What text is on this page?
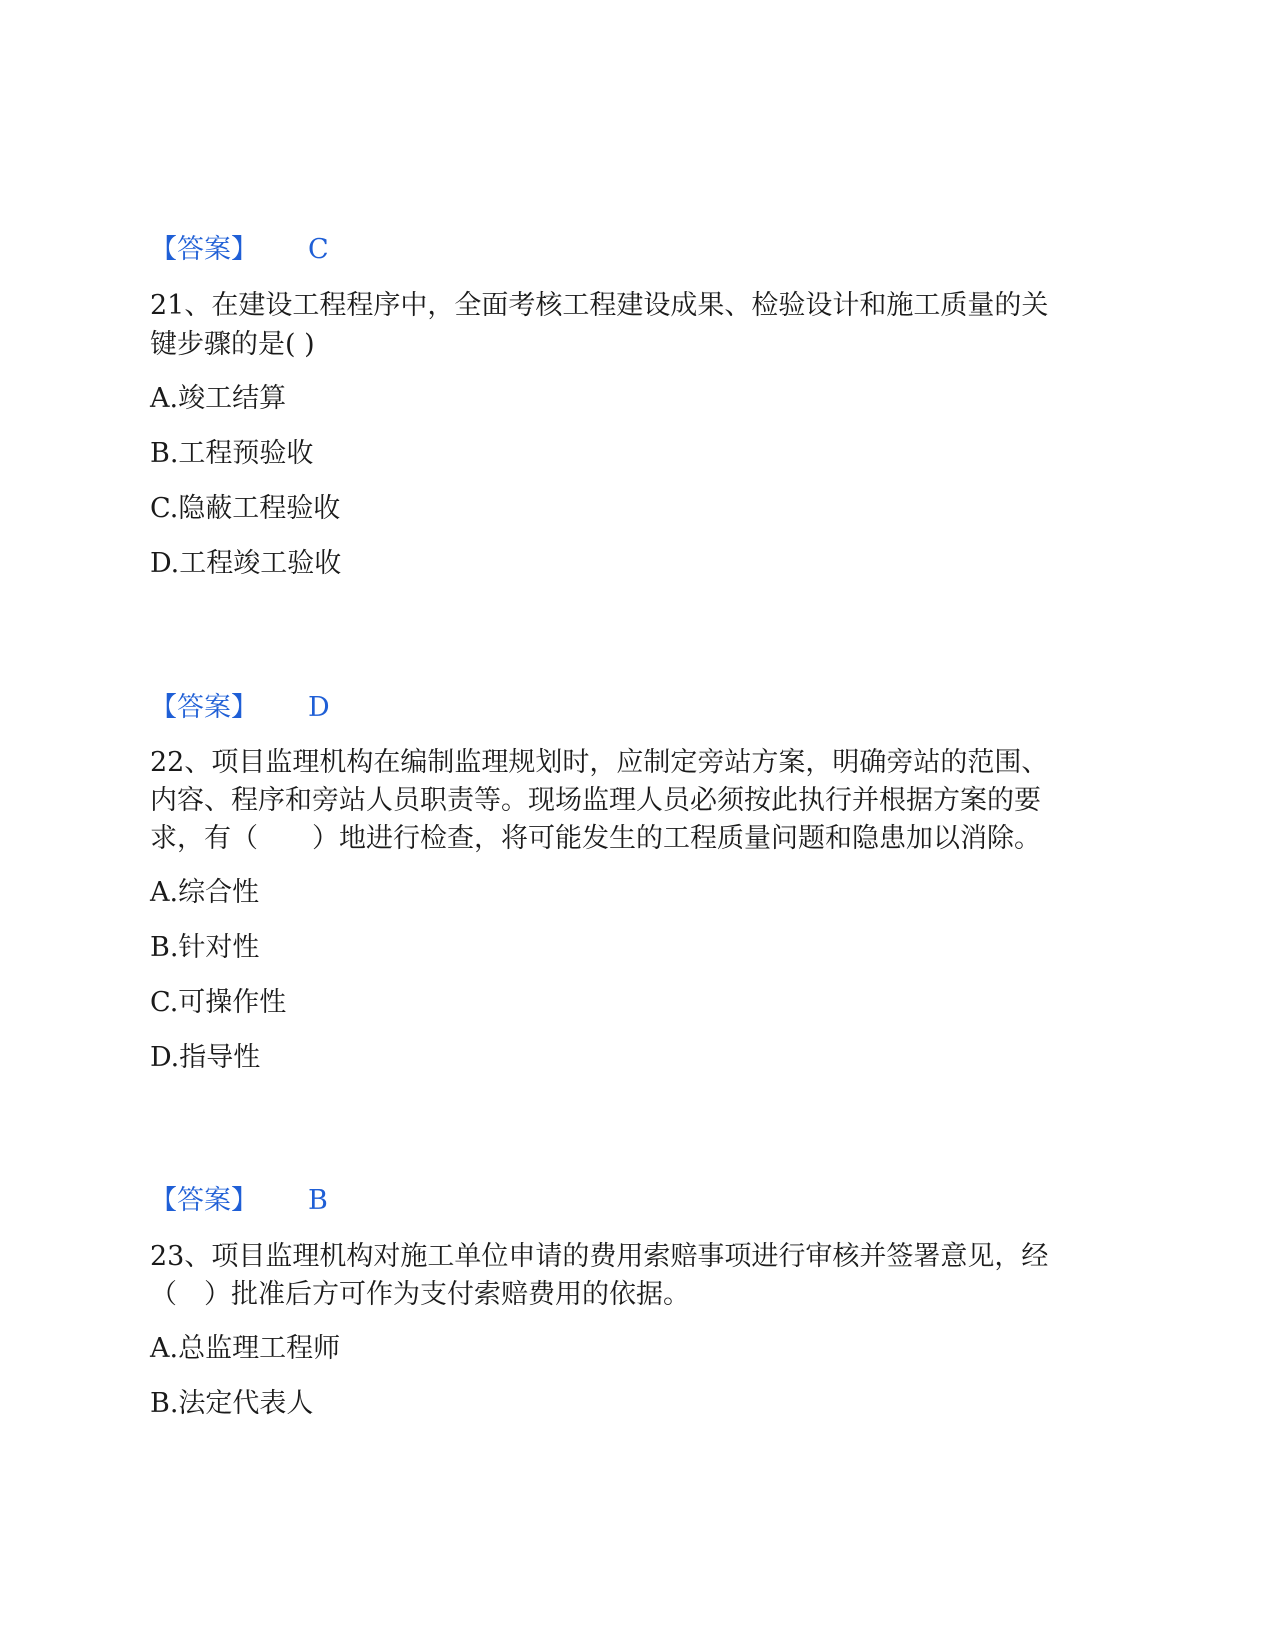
【答案】 C
21、在建设工程程序中，全面考核工程建设成果、检验设计和施工质量的关
键步骤的是( )
A.竣工结算
B.工程预验收
C.隐蔽工程验收
D.工程竣工验收
【答案】 D
22、项目监理机构在编制监理规划时，应制定旁站方案，明确旁站的范围、
内容、程序和旁站人员职责等。现场监理人员必须按此执行并根据方案的要
求，有（　　）地进行检查，将可能发生的工程质量问题和隐患加以消除。
A.综合性
B.针对性
C.可操作性
D.指导性
【答案】 B
23、项目监理机构对施工单位申请的费用索赔事项进行审核并签署意见，经
（　）批准后方可作为支付索赔费用的依据。
A.总监理工程师
B.法定代表人
